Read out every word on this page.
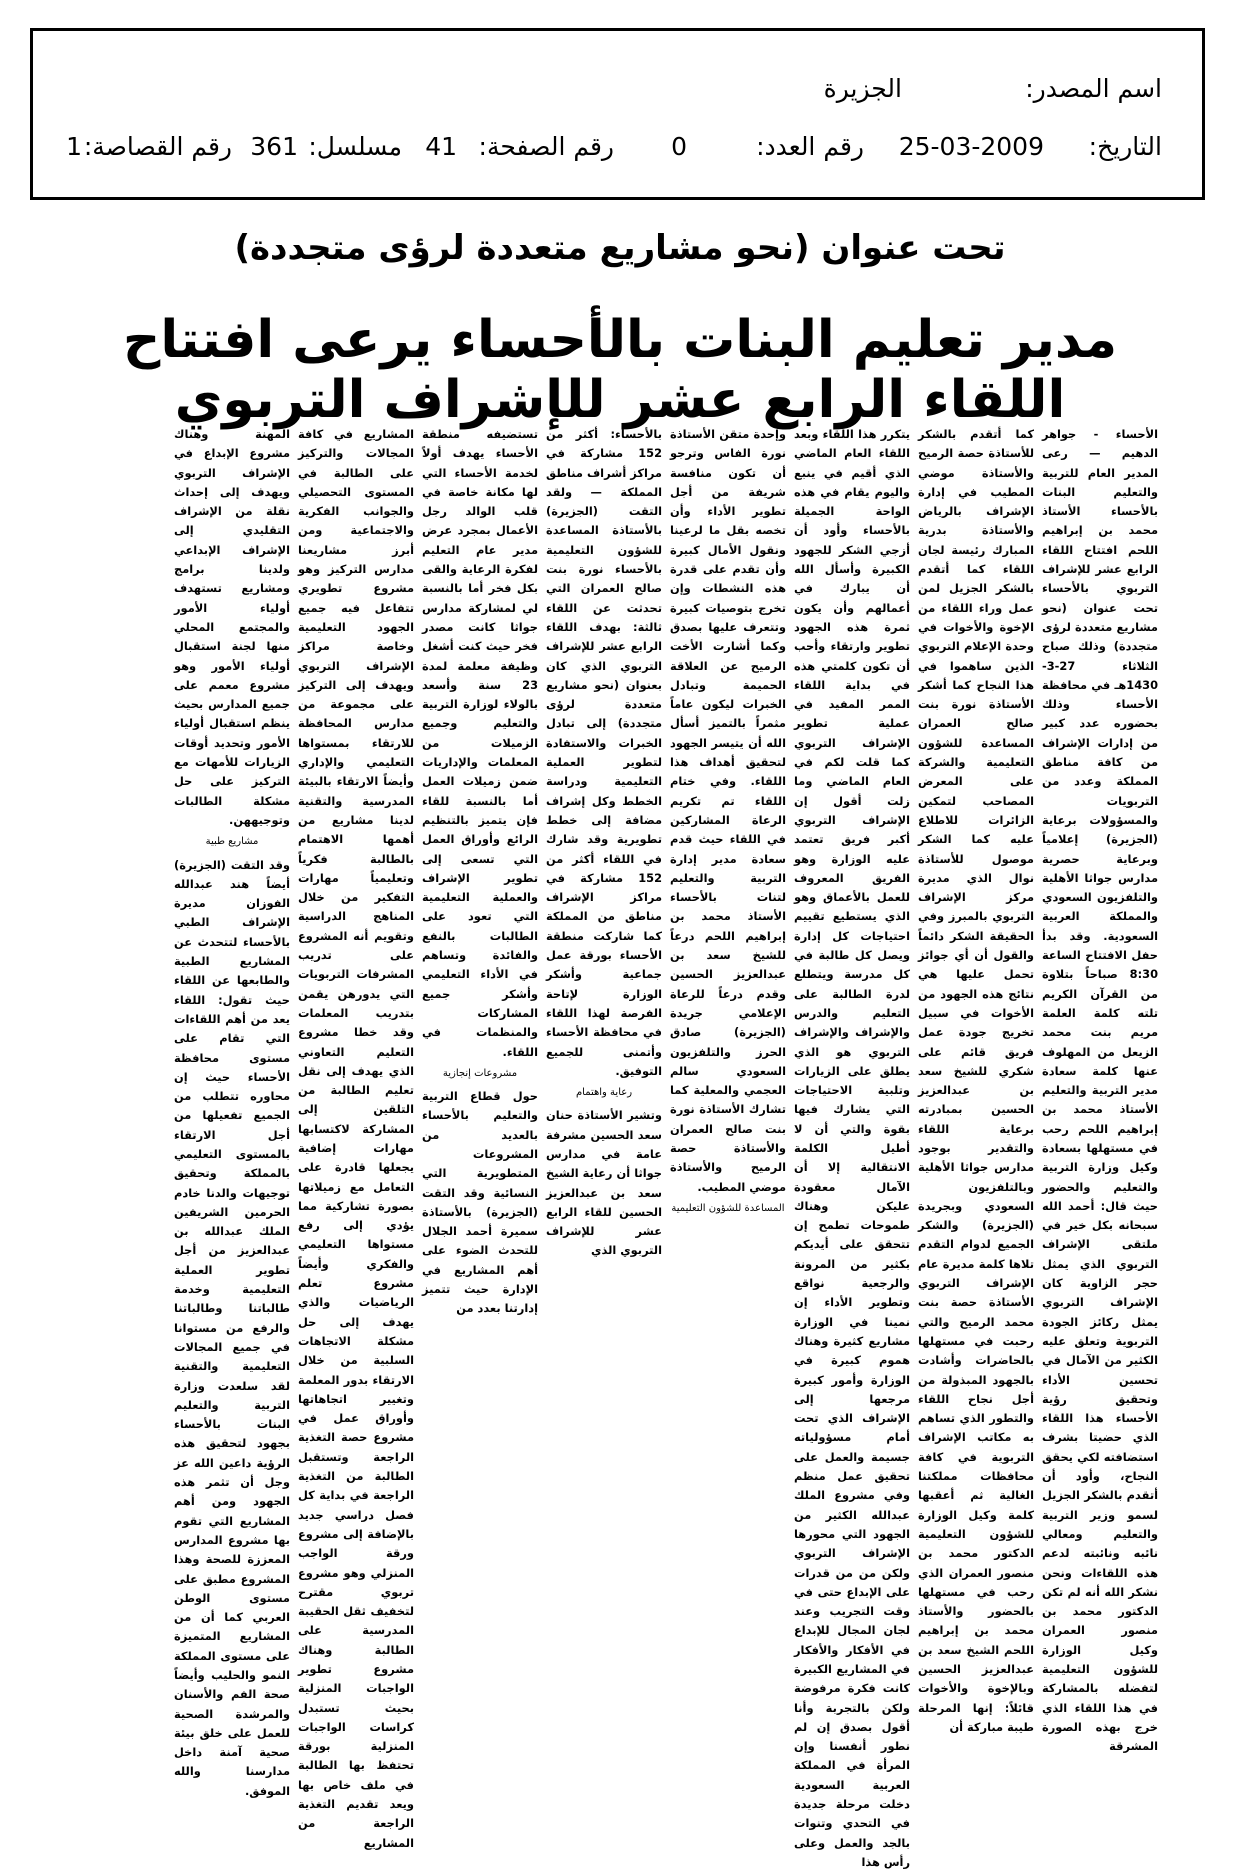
اسم المصدر:
الجزيرة
التاريخ:
25-03-2009
رقم العدد:
0
رقم الصفحة:
41
مسلسل:
361
رقم القصاصة:
1
تحت عنوان (نحو مشاريع متعددة لرؤى متجددة)
مدير تعليم البنات بالأحساء يرعى افتتاح اللقاء الرابع عشر للإشراف التربوي

الأحساء - جواهر الدهيم — رعى المدير العام للتربية والتعليم البنات بالأحساء الأستاذ محمد بن إبراهيم اللحم افتتاح اللقاء الرابع عشر للإشراف التربوي بالأحساء تحت عنوان (نحو مشاريع متعددة لرؤى متجددة) وذلك صباح الثلاثاء 27-3-1430هـ في محافظة الأحساء وذلك بحضوره عدد كبير من إدارات الإشراف من كافة مناطق المملكة وعدد من التربويات والمسؤولات برعاية (الجزيرة) إعلامياً وبرعاية حصرية مدارس جواثا الأهلية والتلفزيون السعودي والمملكة العربية السعودية. وقد بدأ حفل الافتتاح الساعة 8:30 صباحاً بتلاوة من القرآن الكريم تلته كلمة العلمة مريم بنت محمد الزيعل من المهلوف عنها كلمة سعادة مدير التربية والتعليم الأستاذ محمد بن إبراهيم اللحم رحب في مستهلها بسعادة وكيل وزارة التربية والتعليم والحضور حيث قال: أحمد الله سبحانه بكل خير في ملتقى الإشراف التربوي الذي يمثل حجر الزاوية كان الإشراف التربوي يمثل ركائز الجودة التربوية وتعلق عليه الكثير من الآمال في تحسين الأداء وتحقيق رؤية الأحساء هذا اللقاء الذي حضيتا بشرف استضافته لكي يحقق النجاح، وأود أن أتقدم بالشكر الجزيل لسمو وزير التربية والتعليم ومعالي نائبه ونائبته لدعم هذه اللقاءات ونحن نشكر الله أنه لم تكن الدكتور محمد بن منصور العمران وكيل الوزارة للشؤون التعليمية لتفضله بالمشاركة في هذا اللقاء الذي خرج بهذه الصورة المشرقة

كما أتقدم بالشكر للأستاذة حصة الرميح والأستاذة موضي المطيب في إدارة الإشراف بالرياض والأستاذة بدرية المبارك رئيسة لجان اللقاء كما أتقدم بالشكر الجزيل لمن عمل وراء اللقاء من الإخوة والأخوات في وحدة الإعلام التربوي الذين ساهموا في هذا النجاح كما أشكر الأستاذة نورة بنت صالح العمران المساعدة للشؤون التعليمية والشركة على المعرض المصاحب لتمكين الزائرات للاطلاع عليه كما الشكر موصول للأستاذة نوال الذي مديرة مركز الإشراف التربوي بالمبرز وفي الحقيقة الشكر دائماً والقول أن أي جوائز تحمل عليها هي نتائج هذه الجهود من الأخوات في سبيل تخريج جودة عمل فريق قائم على شكري للشيخ سعد بن عبدالعزيز الحسين بمبادرته برعاية اللقاء والتقدير بوجود مدارس جواثا الأهلية وبالتلفزيون السعودي وبجريدة (الجزيرة) والشكر الجميع لدوام التقدم تلاها كلمة مديرة عام الإشراف التربوي الأستاذة حصة بنت محمد الرميح والتي رحبت في مستهلها بالحاضرات وأشادت بالجهود المبذولة من أجل نجاح اللقاء والتطور الذي تساهم به مكاتب الإشراف التربوية في كافة محافظات مملكتنا الغالية ثم أعقبها كلمة وكيل الوزارة للشؤون التعليمية الدكتور محمد بن منصور العمران الذي رحب في مستهلها بالحضور والأستاذ محمد بن إبراهيم اللحم الشيخ سعد بن عبدالعزيز الحسين وبالإخوة والأخوات قائلاً: إنها المرحلة طيبة مباركة أن

يتكرر هذا اللقاء وبعد اللقاء العام الماضي الذي أقيم في ينبع واليوم يقام في هذه الواحة الجميلة بالأحساء وأود أن أزجي الشكر للجهود الكبيرة وأسأل الله أن يبارك في أعمالهم وأن يكون ثمرة هذه الجهود تطوير وارتقاء وأحب أن تكون كلمتي هذه في بداية اللقاء الممر المفيد في عملية تطوير الإشراف التربوي كما قلت لكم في العام الماضي وما زلت أقول إن الإشراف التربوي أكبر فريق تعتمد عليه الوزارة وهو الفريق المعروف للعمل بالأعماق وهو الذي يستطيع تقييم احتياجات كل إدارة ويصل كل طالبة في كل مدرسة ويتطلع لدرة الطالبة على التعليم والدرس والإشراف والإشراف التربوي هو الذي يطلق على الزيارات وتلبية الاحتياجات التي يشارك فيها بقوة والتي أن لا أطيل الكلمة الانتقالية إلا أن الآمال معقودة عليكن وهناك طموحات تطمح إن تتحقق على أيديكم بكثير من المرونة والرجعية نواقع وتطوير الأداء إن نمينا في الوزارة مشاريع كثيرة وهناك هموم كبيرة في الوزارة وأمور كبيرة مرجعها إلى الإشراف الذي تحت أمام مسؤولياته جسيمة والعمل على تحقيق عمل منظم وفي مشروع الملك عبدالله الكثير من الجهود التي محورها الإشراف التربوي ولكن من من قدرات على الإبداع حتى في وقت التجريب وعند لجان المجال للإبداع في الأفكار والأفكار في المشاريع الكبيرة كانت فكرة مرفوضة ولكن بالتجربة وأنا أقول بصدق إن لم نطور أنفسنا وإن المرأة في المملكة العربية السعودية دخلت مرحلة جديدة في التحدي وتنوات بالجد والعمل وعلى رأس هذا

وإحدة متقن الأستاذة نورة الفاس وترجو أن تكون منافسة شريفة من أجل تطوير الأداء وأن تخصه بقل ما لرعينا ونقول الأمال كبيرة وأن تقدم على قدرة هذه النشطات وإن تخرج بتوصيات كبيرة وتتعرف عليها بصدق وكما أشارت الأخت الرميح عن العلاقة الحميمة وتبادل الخبرات ليكون عاماً مثمراً بالتميز أسأل الله أن يتيسر الجهود لتحقيق أهداف هذا اللقاء. وفي ختام اللقاء تم تكريم الرعاة المشاركين في اللقاء حيث قدم سعادة مدير إدارة التربية والتعليم لتنات بالأحساء الأستاذ محمد بن إبراهيم اللحم درعاً للشيخ سعد بن عبدالعزيز الحسين وقدم درعاً للرعاة الإعلامي جريدة (الجزيرة) صادق الحرز والتلفزيون السعودي سالم العجمي والمعلية كما تشارك الأستاذة نورة بنت صالح العمران والأستاذة حصة الرميح والأستاذة موضي المطيب.

المساعدة للشؤون التعليمية

بالأحساء: أكثر من 152 مشاركة في مراكز أشراف مناطق المملكة — ولقد التقت (الجزيرة) بالأستاذة المساعدة للشؤون التعليمية بالأحساء نورة بنت صالح العمران التي تحدثت عن اللقاء ثالثة: بهدف اللقاء الرابع عشر للإشراف التربوي الذي كان بعنوان (نحو مشاريع متعددة لرؤى متجددة) إلى تبادل الخبرات والاستفادة لتطوير العملية التعليمية ودراسة الخطط وكل إشراف مضافة إلى خطط تطويرية وقد شارك في اللقاء أكثر من 152 مشاركة في مراكز الإشراف مناطق من المملكة كما شاركت منطقة الأحساء بورقة عمل جماعية وأشكر الوزارة لإتاحة الفرصة لهذا اللقاء في محافظة الأحساء وأتمنى للجميع التوفيق.

رعاية واهتمام

وتشير الأستاذة حنان سعد الحسين مشرفة عامة في مدارس جواثا أن رعاية الشيخ سعد بن عبدالعزيز الحسين للقاء الرابع عشر للإشراف التربوي الذي

تستضيفه منطقة الأحساء يهدف أولاً لخدمة الأحساء التي لها مكانة خاصة في قلب الوالد رجل الأعمال بمجرد عرض مدير عام التعليم لفكرة الرعاية والقى بكل فخر أما بالنسبة لي لمشاركة مدارس جواثا كانت مصدر فخر حيث كنت أشغل وظيفة معلمة لمدة 23 سنة وأسعد بالولاء لوزارة التربية والتعليم وجميع الزميلات من المعلمات والإداريات ضمن زميلات العمل أما بالنسبة للقاء فإن يتميز بالتنظيم الرائع وأوراق العمل التي تسعى إلى تطوير الإشراف والعملية التعليمية التي تعود على الطالبات بالنفع والفائدة وتساهم في الأداء التعليمي وأشكر جميع المشاركات والمنظمات في اللقاء.

مشروعات إنجازية

حول قطاع التربية والتعليم بالأحساء بالعديد من المشروعات المتطويرية التي النسائية وقد التقت (الجزيرة) بالأستاذة سميرة أحمد الجلال للتحدث الضوء على أهم المشاريع في الإدارة حيث تتميز إدارتنا بعدد من

المشاريع في كافة المجالات والتركيز على الطالبة في المستوى التحصيلي والجوانب الفكرية والاجتماعية ومن أبرز مشاريعنا مدارس التركيز وهو مشروع تطويري تتفاعل فيه جميع الجهود التعليمية وخاصة مراكز الإشراف التربوي ويهدف إلى التركيز على مجموعة من مدارس المحافظة للارتقاء بمستواها التعليمي والإداري وأيضاً الارتقاء بالبيئة المدرسية والتقنية لدينا مشاريع من أهمها الاهتمام بالطالبة فكرياً وتعليمياً مهارات التفكير من خلال المناهج الدراسية وتقويم أنه المشروع على تدريب المشرفات التربويات التي يدورهن يقمن بتدريب المعلمات وقد خطا مشروع التعليم التعاوني الذي يهدف إلى نقل تعليم الطالبة من التلقين إلى المشاركة لاكتسابها مهارات إضافية يجعلها قادرة على التعامل مع زميلاتها بصورة تشاركية مما يؤدي إلى رفع مستواها التعليمي والفكري وأيضاً مشروع تعلم الرياضيات والذي يهدف إلى حل مشكلة الاتجاهات السلبية من خلال الارتقاء بدور المعلمة وتغيير اتجاهاتها وأوراق عمل في مشروع حصة التغذية الراجعة وتستقبل الطالبة من التغذية الراجعة في بداية كل فصل دراسي جديد بالإضافة إلى مشروع ورقة الواجب المنزلي وهو مشروع تربوي مقترح لتخفيف ثقل الحقيبة المدرسية على الطالبة وهناك مشروع تطوير الواجبات المنزلية بحيث تستبدل كراسات الواجبات المنزلية بورقة تحتفظ بها الطالبة في ملف خاص بها ويعد تقديم التغذية الراجعة من المشاريع

المهنة وهناك مشروع الإبداع في الإشراف التربوي ويهدف إلى إحداث نقلة من الإشراف التقليدي إلى الإشراف الإبداعي ولدينا برامج ومشاريع تستهدف أولياء الأمور والمجتمع المحلي منها لجنة استقبال أولياء الأمور وهو مشروع معمم على جميع المدارس بحيث ينظم استقبال أولياء الأمور وتحديد أوقات الزيارات للأمهات مع التركيز على حل مشكلة الطالبات وتوجيههن.

مشاريع طبية

وقد التقت (الجزيرة) أيضاً هند عبدالله الفوزان مديرة الإشراف الطبي بالأحساء لتتحدث عن المشاريع الطبية والطابعها عن اللقاء حيث تقول: اللقاء يعد من أهم اللقاءات التي تقام على مستوى محافظة الأحساء حيث إن محاوره تتطلب من الجميع تفعيلها من أجل الارتقاء بالمستوى التعليمي بالمملكة وتحقيق توجيهات والدنا خادم الحرمين الشريفين الملك عبدالله بن عبدالعزيز من أجل تطوير العملية التعليمية وخدمة طالباتنا وطالباتنا والرفع من مستوانا في جميع المجالات التعليمية والتقنية لقد سلعدت وزارة التربية والتعليم البنات بالأحساء بجهود لتحقيق هذه الرؤية داعين الله عز وجل أن تثمر هذه الجهود ومن أهم المشاريع التي تقوم بها مشروع المدارس المعززة للصحة وهذا المشروع مطبق على مستوى الوطن العربي كما أن من المشاريع المتميزة على مستوى المملكة النمو والحليب وأيضاً صحة الفم والأسنان والمرشدة الصحية للعمل على خلق بيئة صحية آمنة داخل مدارسنا والله الموفق.
